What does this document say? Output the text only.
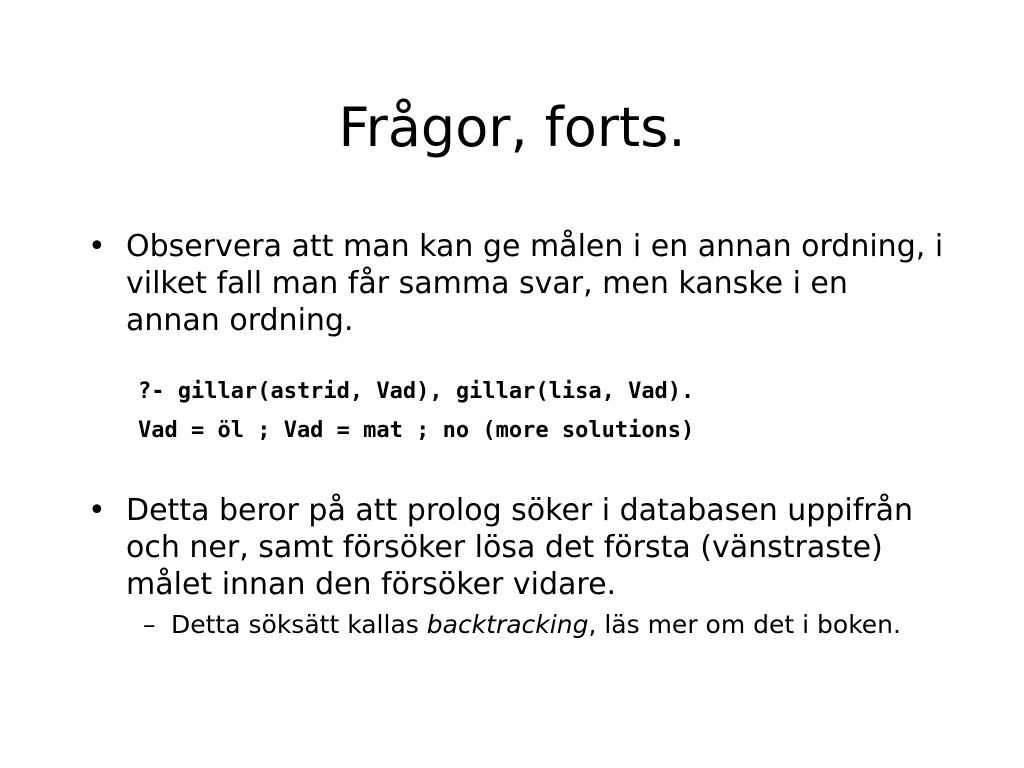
Frågor, forts.
• Observera att man kan ge målen i en annan ordning, i vilket fall man får samma svar, men kanske i en annan ordning.
?- gillar(astrid, Vad), gillar(lisa, Vad).
Vad = öl ; Vad = mat ; no (more solutions)
• Detta beror på att prolog söker i databasen uppifrån och ner, samt försöker lösa det första (vänstraste) målet innan den försöker vidare.
– Detta söksätt kallas backtracking, läs mer om det i boken.
